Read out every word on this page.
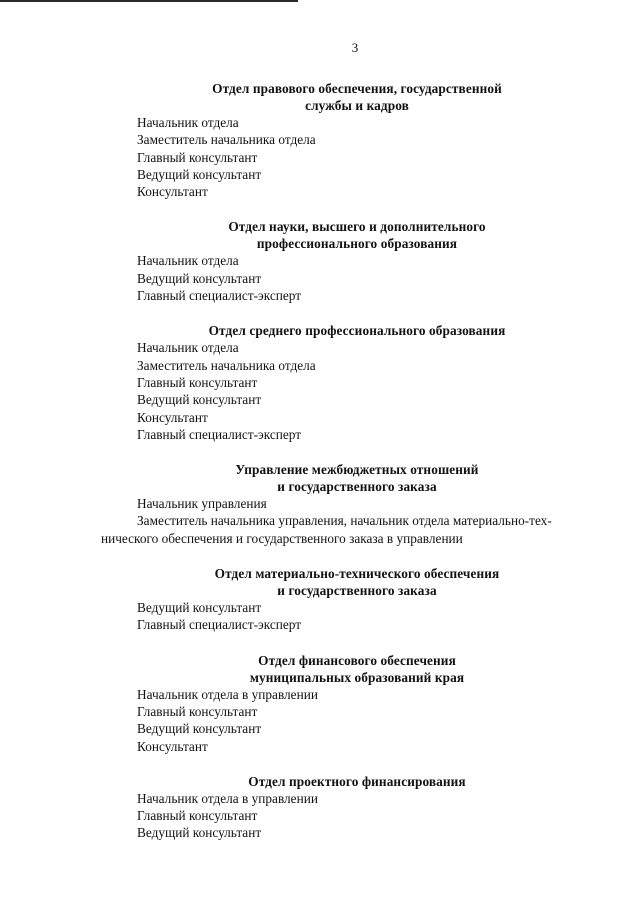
3
Отдел правового обеспечения, государственной
службы и кадров

Начальник отдела

Заместитель начальника отдела

Главный консультант

Ведущий консультант

Консультант

Отдел науки, высшего и дополнительного
профессионального образования

Начальник отдела

Ведущий консультант

Главный специалист-эксперт

Отдел среднего профессионального образования

Начальник отдела

Заместитель начальника отдела

Главный консультант

Ведущий консультант

Консультант

Главный специалист-эксперт

Управление межбюджетных отношений
и государственного заказа

Начальник управления

Заместитель начальника управления, начальник отдела материально-тех-

нического обеспечения и государственного заказа в управлении

Отдел материально-технического обеспечения
и государственного заказа

Ведущий консультант

Главный специалист-эксперт

Отдел финансового обеспечения
муниципальных образований края

Начальник отдела в управлении

Главный консультант

Ведущий консультант

Консультант

Отдел проектного финансирования

Начальник отдела в управлении

Главный консультант

Ведущий консультант
